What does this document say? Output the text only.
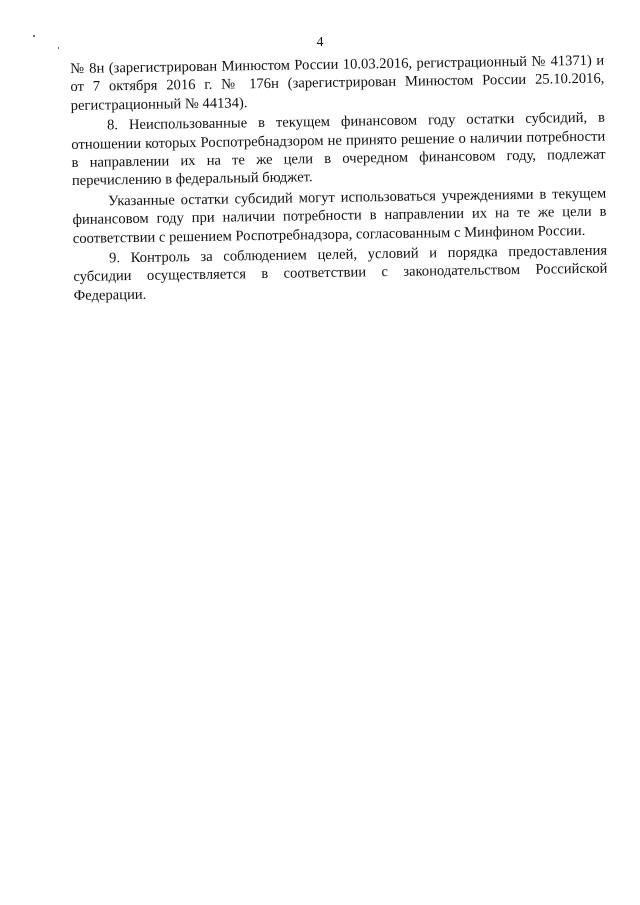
4

№ 8н (зарегистрирован Минюстом России 10.03.2016, регистрационный № 41371) и от 7 октября 2016 г. № 176н (зарегистрирован Минюстом России 25.10.2016, регистрационный № 44134).

8. Неиспользованные в текущем финансовом году остатки субсидий, в отношении которых Роспотребнадзором не принято решение о наличии потребности в направлении их на те же цели в очередном финансовом году, подлежат перечислению в федеральный бюджет.

Указанные остатки субсидий могут использоваться учреждениями в текущем финансовом году при наличии потребности в направлении их на те же цели в соответствии с решением Роспотребнадзора, согласованным с Минфином России.

9. Контроль за соблюдением целей, условий и порядка предоставления субсидии осуществляется в соответствии с законодательством Российской Федерации.
